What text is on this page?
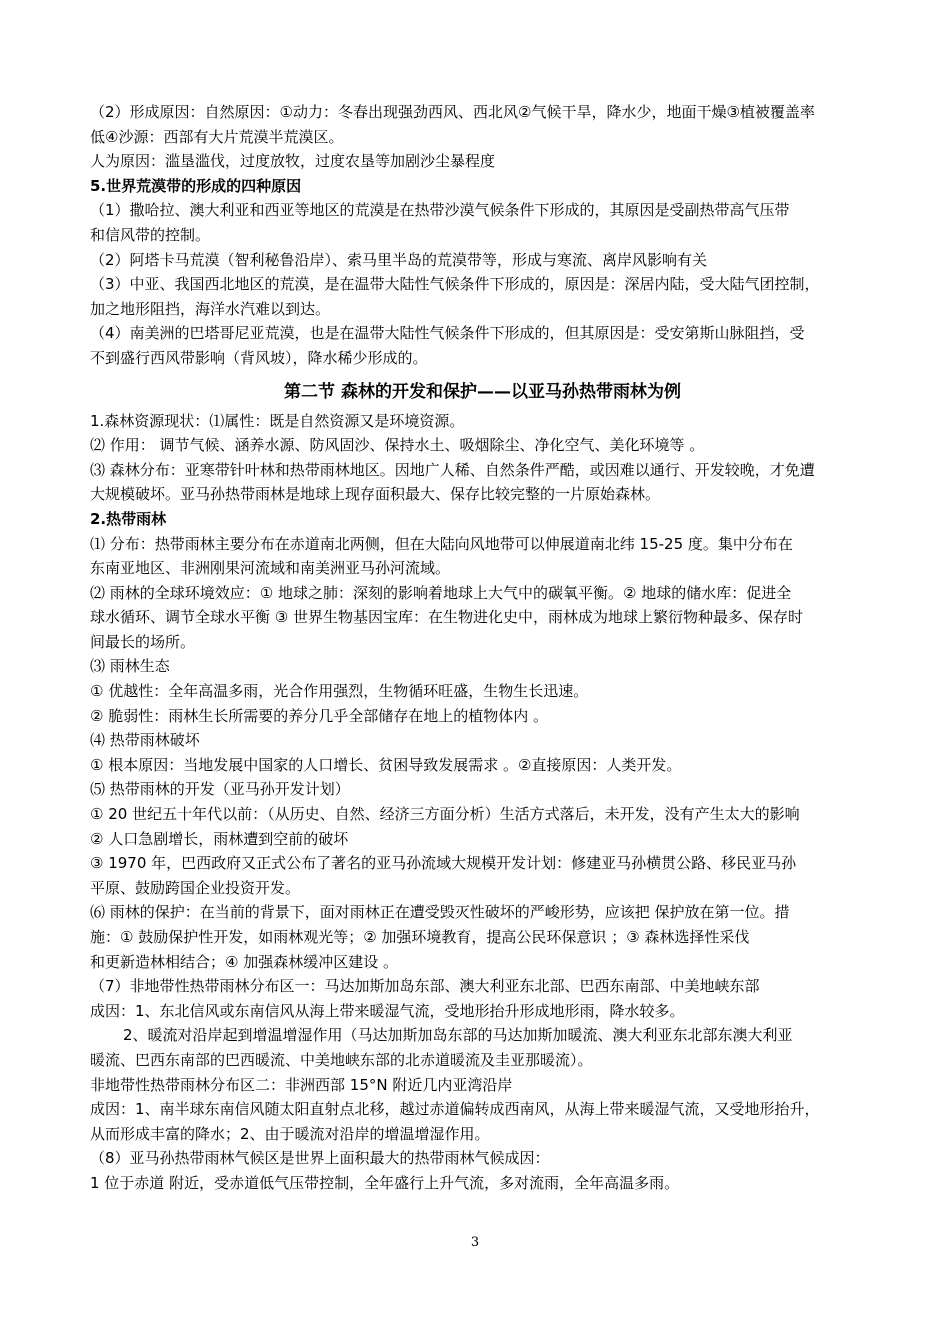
（2）形成原因：自然原因：①动力：冬春出现强劲西风、西北风②气候干旱，降水少，地面干燥③植被覆盖率
低④沙源：西部有大片荒漠半荒漠区。
人为原因：滥垦滥伐，过度放牧，过度农垦等加剧沙尘暴程度
5.世界荒漠带的形成的四种原因
（1）撒哈拉、澳大利亚和西亚等地区的荒漠是在热带沙漠气候条件下形成的，其原因是受副热带高气压带
和信风带的控制。
（2）阿塔卡马荒漠（智利秘鲁沿岸）、索马里半岛的荒漠带等，形成与寒流、离岸风影响有关
（3）中亚、我国西北地区的荒漠，是在温带大陆性气候条件下形成的，原因是：深居内陆，受大陆气团控制，
加之地形阻挡，海洋水汽难以到达。
（4）南美洲的巴塔哥尼亚荒漠，也是在温带大陆性气候条件下形成的，但其原因是：受安第斯山脉阻挡，受
不到盛行西风带影响（背风坡），降水稀少形成的。
第二节 森林的开发和保护——以亚马孙热带雨林为例
1.森林资源现状：⑴属性：既是自然资源又是环境资源。
⑵ 作用： 调节气候、涵养水源、防风固沙、保持水土、吸烟除尘、净化空气、美化环境等 。
⑶ 森林分布：亚寒带针叶林和热带雨林地区。因地广人稀、自然条件严酷，或因难以通行、开发较晚，才免遭
大规模破坏。亚马孙热带雨林是地球上现存面积最大、保存比较完整的一片原始森林。
2.热带雨林
⑴ 分布：热带雨林主要分布在赤道南北两侧，但在大陆向风地带可以伸展道南北纬 15-25 度。集中分布在
东南亚地区、非洲刚果河流域和南美洲亚马孙河流域。
⑵ 雨林的全球环境效应：① 地球之肺：深刻的影响着地球上大气中的碳氧平衡。② 地球的储水库：促进全
球水循环、调节全球水平衡 ③ 世界生物基因宝库：在生物进化史中，雨林成为地球上繁衍物种最多、保存时
间最长的场所。
⑶ 雨林生态
① 优越性：全年高温多雨，光合作用强烈，生物循环旺盛，生物生长迅速。
② 脆弱性：雨林生长所需要的养分几乎全部储存在地上的植物体内 。
⑷ 热带雨林破坏
① 根本原因：当地发展中国家的人口增长、贫困导致发展需求 。②直接原因：人类开发。
⑸ 热带雨林的开发（亚马孙开发计划）
① 20 世纪五十年代以前：（从历史、自然、经济三方面分析）生活方式落后，未开发，没有产生太大的影响
② 人口急剧增长，雨林遭到空前的破坏
③ 1970 年，巴西政府又正式公布了著名的亚马孙流域大规模开发计划：修建亚马孙横贯公路、移民亚马孙
平原、鼓励跨国企业投资开发。
⑹ 雨林的保护：在当前的背景下，面对雨林正在遭受毁灭性破坏的严峻形势，应该把 保护放在第一位。措
施：① 鼓励保护性开发，如雨林观光等；② 加强环境教育，提高公民环保意识 ；③ 森林选择性采伐
和更新造林相结合；④ 加强森林缓冲区建设 。
（7）非地带性热带雨林分布区一：马达加斯加岛东部、澳大利亚东北部、巴西东南部、中美地峡东部
成因：1、东北信风或东南信风从海上带来暖湿气流，受地形抬升形成地形雨，降水较多。
2、暖流对沿岸起到增温增湿作用（马达加斯加岛东部的马达加斯加暖流、澳大利亚东北部东澳大利亚
暖流、巴西东南部的巴西暖流、中美地峡东部的北赤道暖流及圭亚那暖流）。
非地带性热带雨林分布区二：非洲西部 15°N 附近几内亚湾沿岸
成因：1、南半球东南信风随太阳直射点北移，越过赤道偏转成西南风，从海上带来暖湿气流，又受地形抬升，
从而形成丰富的降水；2、由于暖流对沿岸的增温增湿作用。
（8）亚马孙热带雨林气候区是世界上面积最大的热带雨林气候成因：
1 位于赤道 附近，受赤道低气压带控制，全年盛行上升气流，多对流雨，全年高温多雨。
3
